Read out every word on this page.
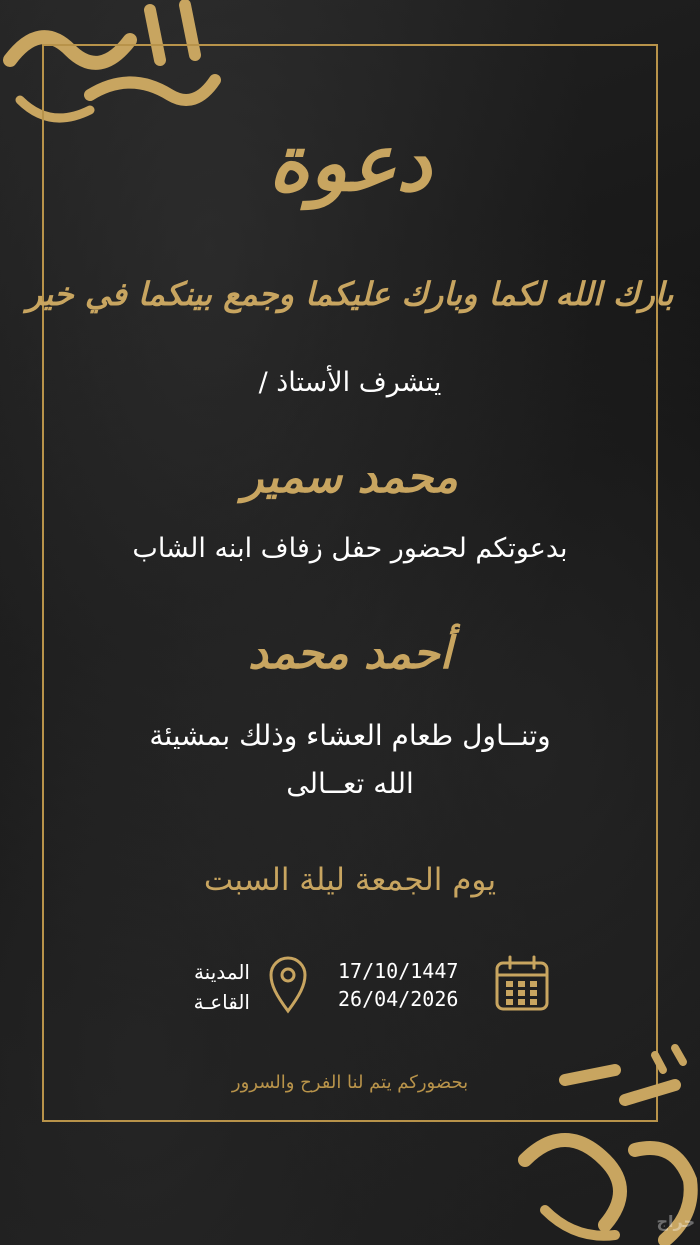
دعوة
بارك الله لكما وبارك عليكما وجمع بينكما في خير
يتشرف الأستاذ /
محمد سمير
بدعوتكم لحضور حفل زفاف ابنه الشاب
أحمد محمد
وتنــاول طعام العشاء وذلك بمشيئة
الله تعــالى
يوم الجمعة ليلة السبت
المدينة
القاعـة
17/10/1447
26/04/2026
بحضوركم يتم لنا الفرح والسرور
حراج
